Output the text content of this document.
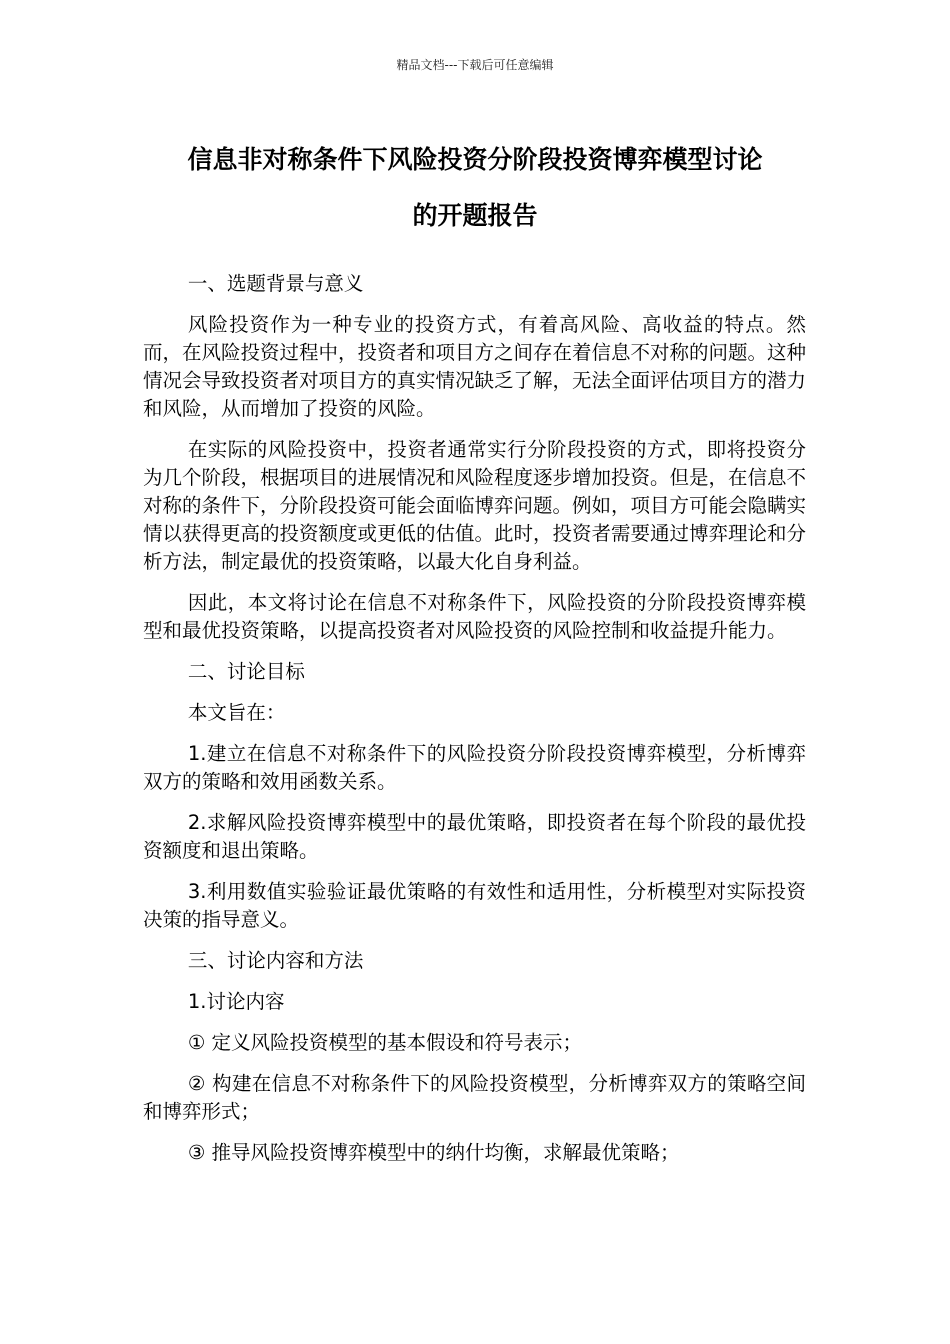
精品文档---下载后可任意编辑
信息非对称条件下风险投资分阶段投资博弈模型讨论
的开题报告

一、选题背景与意义

风险投资作为一种专业的投资方式，有着高风险、高收益的特点。然而，在风险投资过程中，投资者和项目方之间存在着信息不对称的问题。这种情况会导致投资者对项目方的真实情况缺乏了解，无法全面评估项目方的潜力和风险，从而增加了投资的风险。

在实际的风险投资中，投资者通常实行分阶段投资的方式，即将投资分为几个阶段，根据项目的进展情况和风险程度逐步增加投资。但是，在信息不对称的条件下，分阶段投资可能会面临博弈问题。例如，项目方可能会隐瞒实情以获得更高的投资额度或更低的估值。此时，投资者需要通过博弈理论和分析方法，制定最优的投资策略，以最大化自身利益。

因此，本文将讨论在信息不对称条件下，风险投资的分阶段投资博弈模型和最优投资策略，以提高投资者对风险投资的风险控制和收益提升能力。

二、讨论目标

本文旨在：

1.建立在信息不对称条件下的风险投资分阶段投资博弈模型，分析博弈双方的策略和效用函数关系。

2.求解风险投资博弈模型中的最优策略，即投资者在每个阶段的最优投资额度和退出策略。

3.利用数值实验验证最优策略的有效性和适用性，分析模型对实际投资决策的指导意义。

三、讨论内容和方法

1.讨论内容

① 定义风险投资模型的基本假设和符号表示；

② 构建在信息不对称条件下的风险投资模型，分析博弈双方的策略空间和博弈形式；

③ 推导风险投资博弈模型中的纳什均衡，求解最优策略；
